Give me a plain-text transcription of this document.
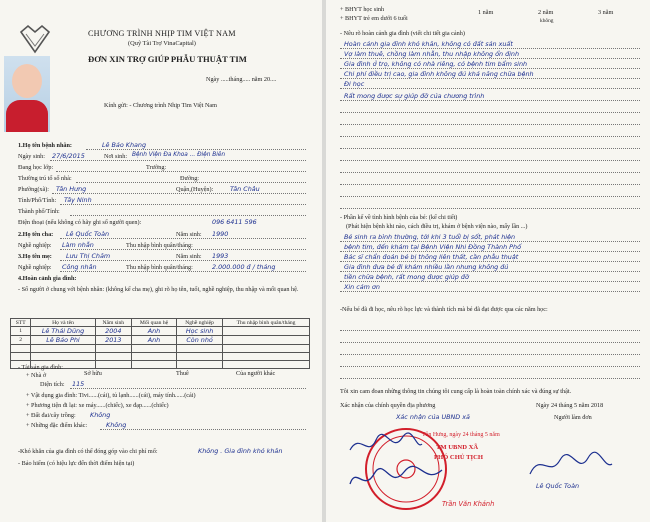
CHƯƠNG TRÌNH NHỊP TIM VIỆT NAM
(Quỹ Tài Trợ VinaCapital)
ĐƠN XIN TRỢ GIÚP PHẪU THUẬT TIM
Ngày .....tháng..... năm 20....
Kính gửi: - Chương trình Nhịp Tim Việt Nam
1.Họ tên bệnh nhân:	Lê Bảo Khang
Ngày sinh: 27/6/2015	Nơi sinh: Bệnh Viện Đa Khoa ... Điện Biên
Đang học lớp:	Trường:
Thường trú tổ số nhà:	Đường:
Phường(xã): Tân Hưng	Quận,(Huyện):	Tân Châu
Tỉnh/Phố/Tỉnh: Tây Ninh
Thành phố/Tỉnh:
Điện thoại (nếu không có hãy ghi số người quen):	096 6411 596
2.Họ tên cha: Lê Quốc Toàn	Năm sinh: 1990
Nghề nghiệp: Làm nhẫn	Thu nhập bình quân/tháng:
3.Họ tên mẹ: Lưu Thị Chăm	Năm sinh: 1993
Nghề nghiệp: Công nhân	Thu nhập bình quân/tháng:	2.000.000 đ / tháng
4.Hoàn cảnh gia đình:
- Số người ở chung với bệnh nhân: (không kể cha mẹ), ghi rõ họ tên, tuổi, nghề nghiệp, thu nhập và mối quan hệ.
STT	Họ và tên	Năm sinh	Mối quan hệ	Nghề nghiệp	Thu nhập bình quân/tháng
1	Lê Thái Dũng	2004	Anh	Học sinh	
2	Lê Bảo Phi	2013	Anh	Còn nhỏ	

- Tài sản gia đình:
+ Nhà ở	Sở hữu	Thuê	Của người khác
Diện tích: 115
+ Vật dụng gia đình: Tivi......(cái), tủ lạnh......(cái), máy tính......(cái)
+ Phương tiện đi lại: xe máy......(chiếc), xe đạp......(chiếc)
+ Đất đai/cây trồng: Không
+ Những đặc điểm khác:	Không
-Khó khăn của gia đình có thể đóng góp vào chi phí mổ:	Không . Gia đình khó khăn
- Bảo hiểm (có hiệu lực đến thời điểm hiện tại)
+ BHYT học sinh
+ BHYT trẻ em dưới 6 tuổi
1 năm	2 năm	3 năm
không
- Nêu rõ hoàn cảnh gia đình (viết chi tiết gia cảnh)
Hoàn cảnh gia đình khó khăn, không có đất sản xuất
Vợ làm thuê, chồng làm nhẫn, thu nhập không ổn định
Gia đình ở trọ, không có nhà riêng, có bệnh tim bẩm sinh
Chi phí điều trị cao, gia đình không đủ khả năng chữa bệnh
Đi học
Rất mong được sự giúp đỡ của chương trình
- Phần kể về tình hình bệnh của bé: (kể chi tiết)
(Phát hiện bệnh khi nào, cách điều trị, khám ở bệnh viện nào, mấy lần ...)
Bé sinh ra bình thường, tới khi 3 tuổi bị sốt, phát hiện
bệnh tim, đến khám tại Bệnh Viện Nhi Đồng Thành Phố
Bác sĩ chẩn đoán bé bị thông liên thất, cần phẫu thuật
Gia đình đưa bé đi khám nhiều lần nhưng không đủ
tiền chữa bệnh, rất mong được giúp đỡ
Xin cảm ơn
-Nếu bé đã đi học, nêu rõ học lực và thành tích mà bé đã đạt được qua các năm học:
Tôi xin cam đoan những thông tin chúng tôi cung cấp là hoàn toàn chính xác và đúng sự thật.
Xác nhận của chính quyền địa phương	Ngày 24 tháng 5 năm 2018
Xác nhận của UBND xã	Người làm đơn
Tân Hưng, ngày 24 tháng 5 năm
TM UBND XÃ
PHÓ CHỦ TỊCH
Trần Văn Khánh
Lê Quốc Toàn
